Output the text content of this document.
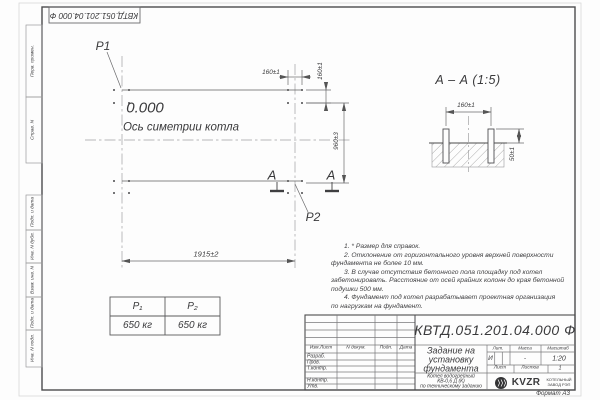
КВТД.051.201.04.000 Ф
Перв. примен.
Справ. N
Подп. и дата
Инв. N дубл.
Взам. инв. N
Подп. и дата
Инв. N подл.
P1
0.000
Ось симетрии котла
160±1	160±1
960±3
А	А
P2
1915±2
А – А (1:5)
160±1
50±1
1. * Размер для справок.
2. Отклонение от горизонтального уровня верхней поверхности
фундамента не более 10 мм.
3. В случае отсутствия бетонного пола площадку под котел
забетонировать. Расстояние от осей крайних колонн до края бетонной
подушки 500 мм.
4. Фундамент под котел разрабатывает проектная организация
по нагрузкам на фундамент.
P₁	P₂
650 кг	650 кг	КВТД.051.201.04.000 Ф
Изм.Лист	N докум.	Подп. Дата
Разраб.
Пров.
Т.контр.
Н.контр.
Утв.
Задание на
установку
фундамента
Котел водогрейный
КВ-0,6 Д (К)
по техническому заданию
Лит.	Масса	Масштаб
И	-	1:20
Лист	Листов	1
KVZR КОТЕЛЬНЫЙ
ЗАВОД РЭП
Формат А3
